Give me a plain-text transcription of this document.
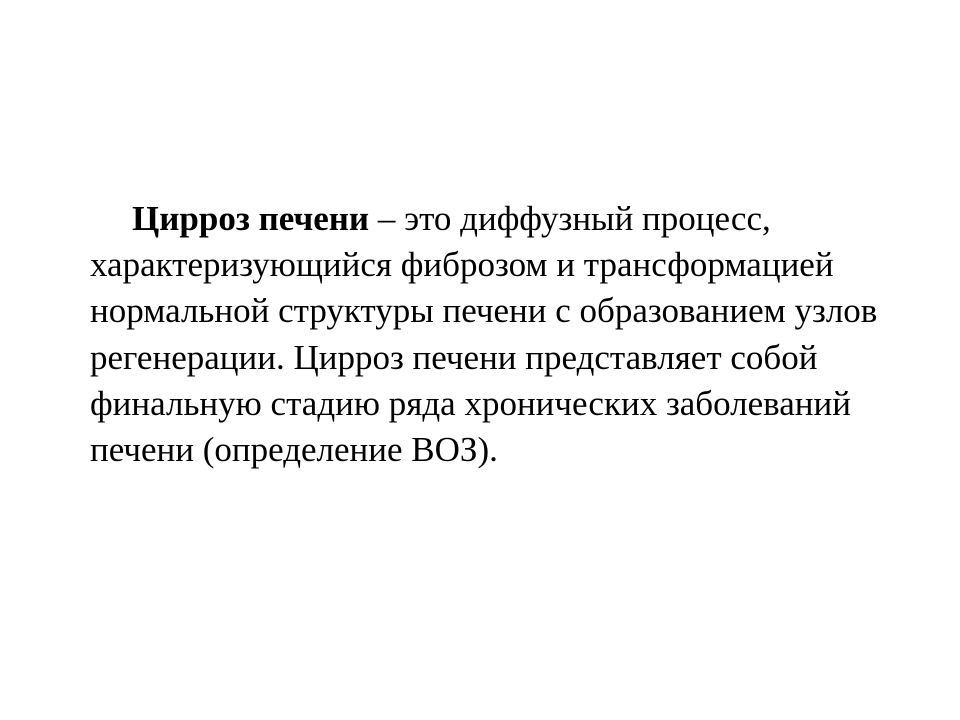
Цирроз печени – это диффузный процесс, характеризующийся фиброзом и трансформацией нормальной структуры печени с образованием узлов регенерации. Цирроз печени представляет собой финальную стадию ряда хронических заболеваний печени (определение ВОЗ).
